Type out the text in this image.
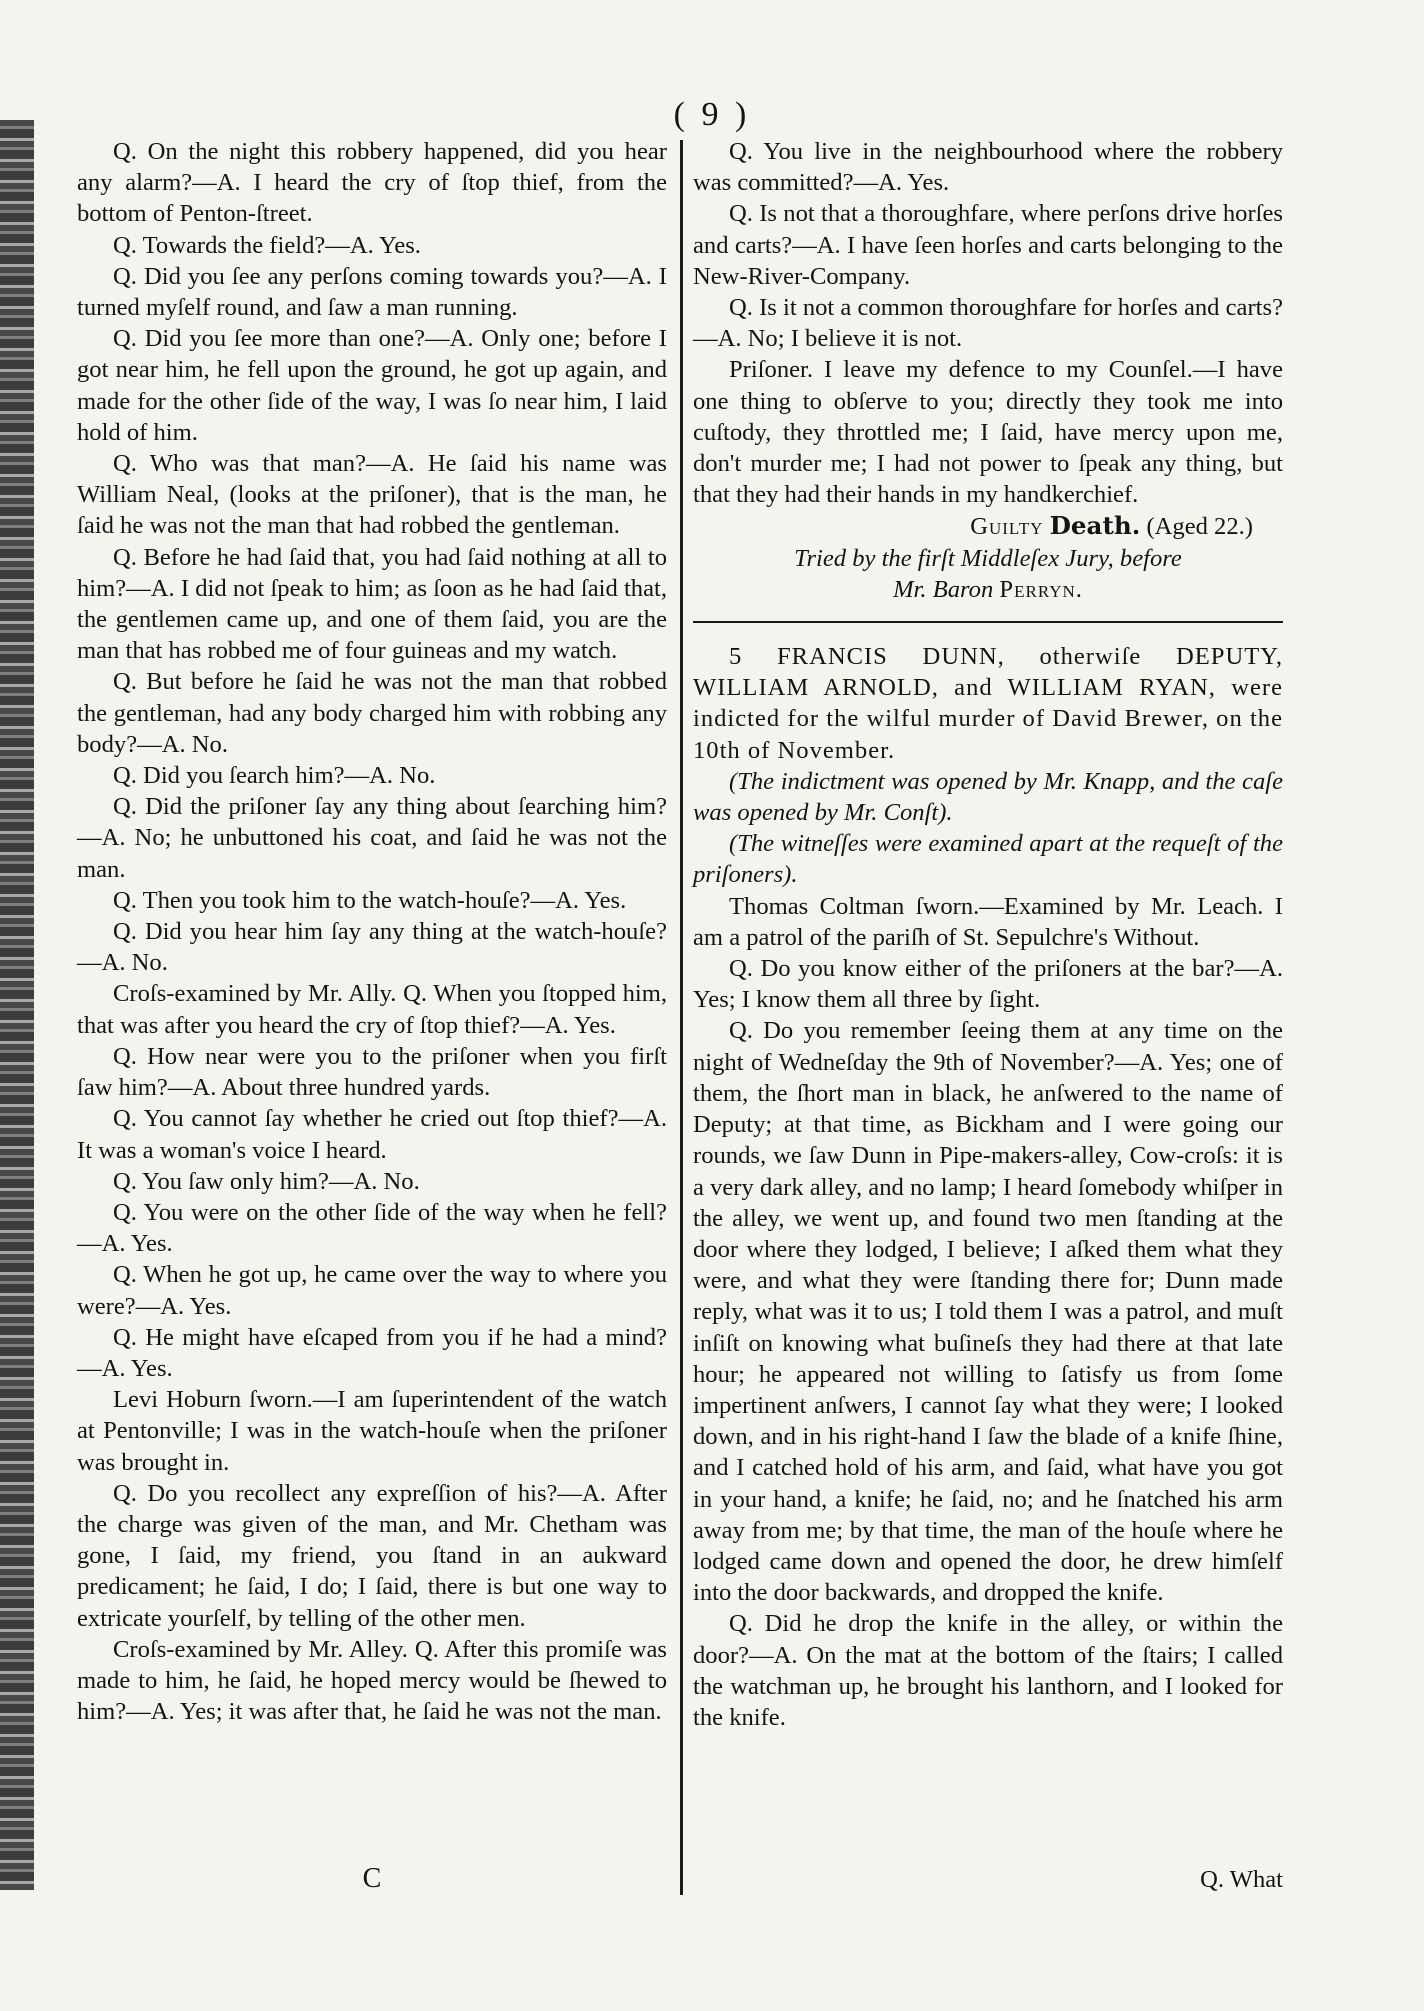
( 9 )

Q. On the night this robbery happened, did you hear any alarm?—A. I heard the cry of ſtop thief, from the bottom of Penton-ſtreet.

Q. Towards the field?—A. Yes.

Q. Did you ſee any perſons coming towards you?—A. I turned myſelf round, and ſaw a man running.

Q. Did you ſee more than one?—A. Only one; before I got near him, he fell upon the ground, he got up again, and made for the other ſide of the way, I was ſo near him, I laid hold of him.

Q. Who was that man?—A. He ſaid his name was William Neal, (looks at the priſoner), that is the man, he ſaid he was not the man that had robbed the gentleman.

Q. Before he had ſaid that, you had ſaid nothing at all to him?—A. I did not ſpeak to him; as ſoon as he had ſaid that, the gentlemen came up, and one of them ſaid, you are the man that has robbed me of four guineas and my watch.

Q. But before he ſaid he was not the man that robbed the gentleman, had any body charged him with robbing any body?—A. No.

Q. Did you ſearch him?—A. No.

Q. Did the priſoner ſay any thing about ſearching him?—A. No; he unbuttoned his coat, and ſaid he was not the man.

Q. Then you took him to the watch-houſe?—A. Yes.

Q. Did you hear him ſay any thing at the watch-houſe?—A. No.

Croſs-examined by Mr. Ally. Q. When you ſtopped him, that was after you heard the cry of ſtop thief?—A. Yes.

Q. How near were you to the priſoner when you firſt ſaw him?—A. About three hundred yards.

Q. You cannot ſay whether he cried out ſtop thief?—A. It was a woman's voice I heard.

Q. You ſaw only him?—A. No.

Q. You were on the other ſide of the way when he fell?—A. Yes.

Q. When he got up, he came over the way to where you were?—A. Yes.

Q. He might have eſcaped from you if he had a mind?—A. Yes.

Levi Hoburn ſworn.—I am ſuperintendent of the watch at Pentonville; I was in the watch-houſe when the priſoner was brought in.

Q. Do you recollect any expreſſion of his?—A. After the charge was given of the man, and Mr. Chetham was gone, I ſaid, my friend, you ſtand in an aukward predicament; he ſaid, I do; I ſaid, there is but one way to extricate yourſelf, by telling of the other men.

Croſs-examined by Mr. Alley. Q. After this promiſe was made to him, he ſaid, he hoped mercy would be ſhewed to him?—A. Yes; it was after that, he ſaid he was not the man.

Q. You live in the neighbourhood where the robbery was committed?—A. Yes.

Q. Is not that a thoroughfare, where perſons drive horſes and carts?—A. I have ſeen horſes and carts belonging to the New-River-Company.

Q. Is it not a common thoroughfare for horſes and carts?—A. No; I believe it is not.

Priſoner. I leave my defence to my Counſel.—I have one thing to obſerve to you; directly they took me into cuſtody, they throttled me; I ſaid, have mercy upon me, don't murder me; I had not power to ſpeak any thing, but that they had their hands in my handkerchief.

Guilty Death. (Aged 22.)

Tried by the firſt Middleſex Jury, before

Mr. Baron Perryn.

5 FRANCIS DUNN, otherwiſe DEPUTY, WILLIAM ARNOLD, and WILLIAM RYAN, were indicted for the wilful murder of David Brewer, on the 10th of November.

(The indictment was opened by Mr. Knapp, and the caſe was opened by Mr. Conſt).

(The witneſſes were examined apart at the requeſt of the priſoners).

Thomas Coltman ſworn.—Examined by Mr. Leach. I am a patrol of the pariſh of St. Sepulchre's Without.

Q. Do you know either of the priſoners at the bar?—A. Yes; I know them all three by ſight.

Q. Do you remember ſeeing them at any time on the night of Wedneſday the 9th of November?—A. Yes; one of them, the ſhort man in black, he anſwered to the name of Deputy; at that time, as Bickham and I were going our rounds, we ſaw Dunn in Pipe-makers-alley, Cow-croſs: it is a very dark alley, and no lamp; I heard ſomebody whiſper in the alley, we went up, and found two men ſtanding at the door where they lodged, I believe; I aſked them what they were, and what they were ſtanding there for; Dunn made reply, what was it to us; I told them I was a patrol, and muſt inſiſt on knowing what buſineſs they had there at that late hour; he appeared not willing to ſatisfy us from ſome impertinent anſwers, I cannot ſay what they were; I looked down, and in his right-hand I ſaw the blade of a knife ſhine, and I catched hold of his arm, and ſaid, what have you got in your hand, a knife; he ſaid, no; and he ſnatched his arm away from me; by that time, the man of the houſe where he lodged came down and opened the door, he drew himſelf into the door backwards, and dropped the knife.

Q. Did he drop the knife in the alley, or within the door?—A. On the mat at the bottom of the ſtairs; I called the watchman up, he brought his lanthorn, and I looked for the knife.

C	Q. What
